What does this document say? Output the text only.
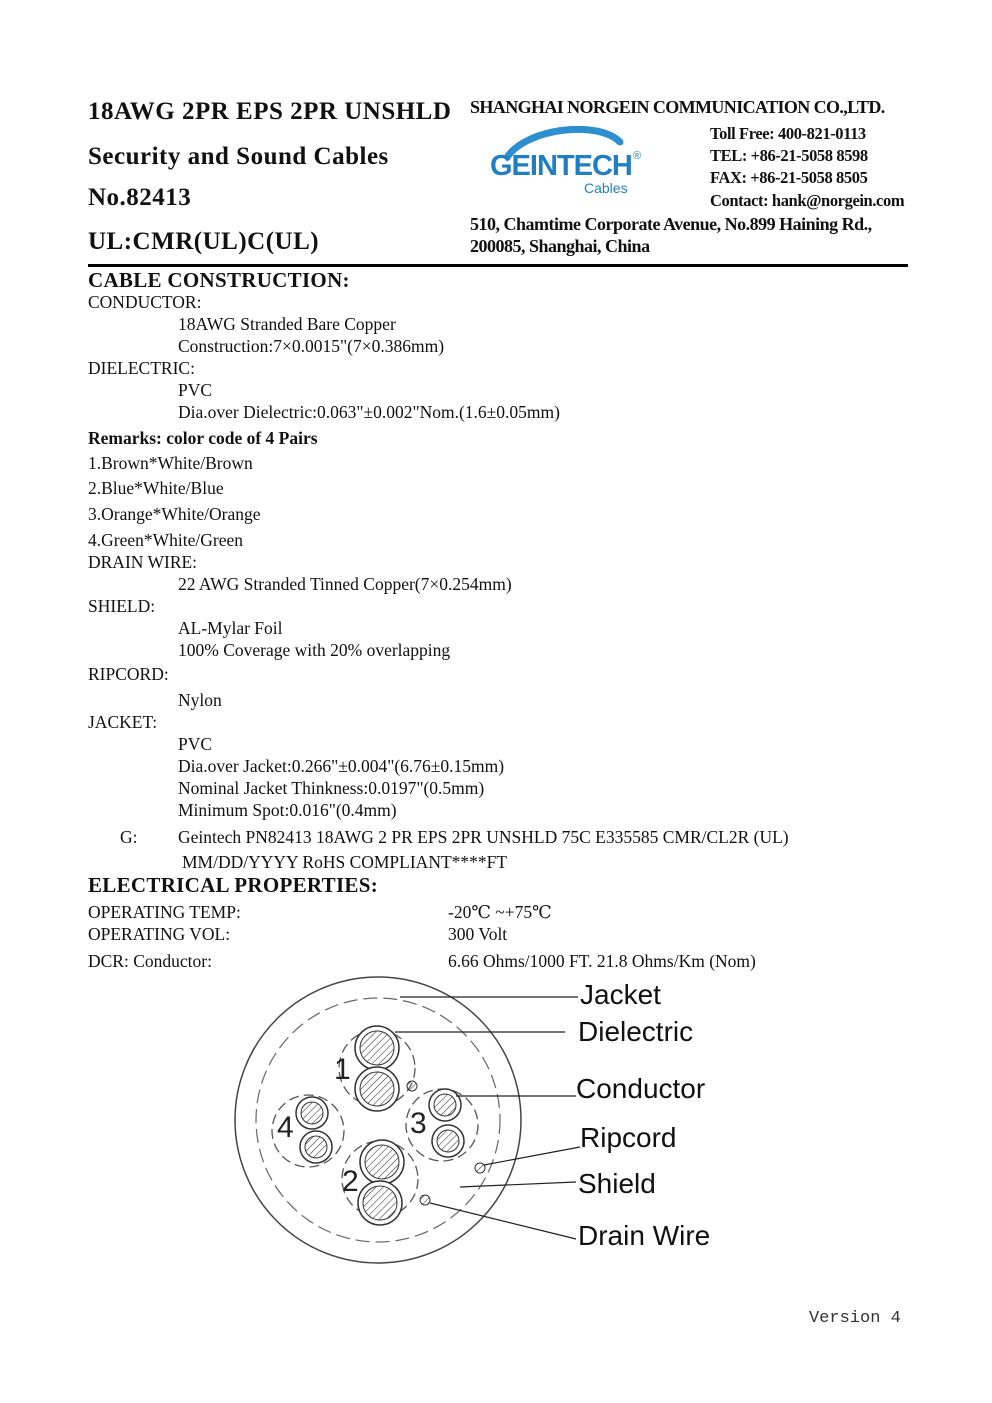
18AWG 2PR EPS 2PR UNSHLD
Security and Sound Cables
No.82413
UL:CMR(UL)C(UL)
SHANGHAI NORGEIN COMMUNICATION CO.,LTD.
GEINTECH ®
Cables
Toll Free: 400-821-0113
TEL: +86-21-5058 8598
FAX: +86-21-5058 8505
Contact: hank@norgein.com
510, Chamtime Corporate Avenue, No.899 Haining Rd.,
200085, Shanghai, China
CABLE CONSTRUCTION:
CONDUCTOR:
18AWG Stranded Bare Copper
Construction:7×0.0015"(7×0.386mm)
DIELECTRIC:
PVC
Dia.over Dielectric:0.063"±0.002"Nom.(1.6±0.05mm)
Remarks: color code of 4 Pairs
1.Brown*White/Brown
2.Blue*White/Blue
3.Orange*White/Orange
4.Green*White/Green
DRAIN WIRE:
22 AWG Stranded Tinned Copper(7×0.254mm)
SHIELD:
AL-Mylar Foil
100% Coverage with 20% overlapping
RIPCORD:
Nylon
JACKET:
PVC
Dia.over Jacket:0.266"±0.004"(6.76±0.15mm)
Nominal Jacket Thinkness:0.0197"(0.5mm)
Minimum Spot:0.016"(0.4mm)
G: Geintech PN82413 18AWG 2 PR EPS 2PR UNSHLD 75C E335585 CMR/CL2R (UL)
MM/DD/YYYY RoHS COMPLIANT****FT
ELECTRICAL PROPERTIES:
OPERATING TEMP:	-20℃ ~+75℃
OPERATING VOL:	300 Volt
DCR: Conductor:	6.66 Ohms/1000 FT. 21.8 Ohms/Km (Nom)
1
2
3
4
Jacket
Dielectric
Conductor
Ripcord
Shield
Drain Wire
Version 4
